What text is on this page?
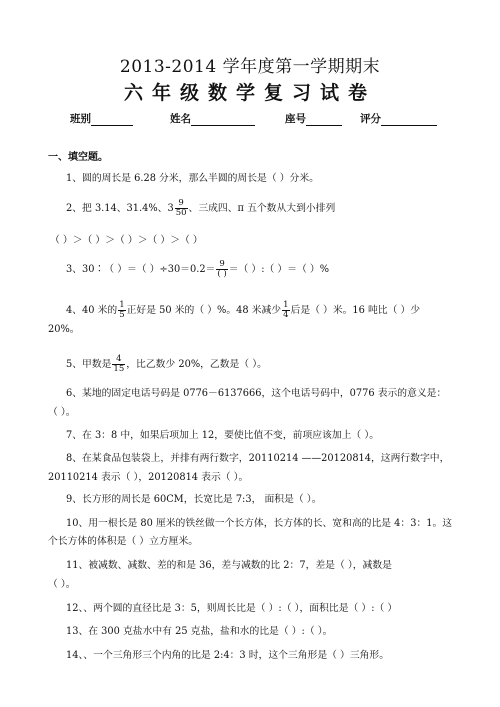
2013-2014 学年度第一学期期末
六年级数学复习试卷
班别	姓名	座号	评分
一、填空题。
1、圆的周长是 6.28 分米，那么半圆的周长是（ ）分米。
2、把 3.14、31.4%、$3 \frac{9}{50}$ 、三成四、π 五个数从大到小排列
（ ）＞（ ）＞（ ）＞（ ）＞（ ）
3、30∶（ ）＝（ ）$\div 30=0.2= \frac{9}{( )}$ ＝（ ）:（ ）＝（ ）%
4、40 米的 $\frac{1}{5}$ 正好是 50 米的（ ）%。48 米减少 $\frac{1}{4}$ 后是（ ）米。16 吨比（ ）少
20%。
5、甲数是 $\frac{4}{15}$ ，比乙数少 20%，乙数是（ ）。
6、某地的固定电话号码是 0776－6137666，这个电话号码中，0776 表示的意义是：
（ ）。
7、在 3：8 中，如果后项加上 12，要使比值不变，前项应该加上（ ）。
8、在某食品包装袋上，并排有两行数字，20110214 ——20120814，这两行数字中，
20110214 表示（ ），20120814 表示（ ）。
9、长方形的周长是 60CM，长宽比是 7:3， 面积是（ ）。
10、用一根长是 80 厘米的铁丝做一个长方体，长方体的长、宽和高的比是 4：3：1。这
个长方体的体积是（ ）立方厘米。
11、被减数、减数、差的和是 36，差与减数的比 2：7，差是（ ），减数是
（ ）。
12、、两个圆的直径比是 3：5，则周长比是（ ）:（ ），面积比是（ ）:（ ）
13、在 300 克盐水中有 25 克盐，盐和水的比是（ ）:（ ）。
14、、一个三角形三个内角的比是 2:4：3 时，这个三角形是（ ）三角形。
